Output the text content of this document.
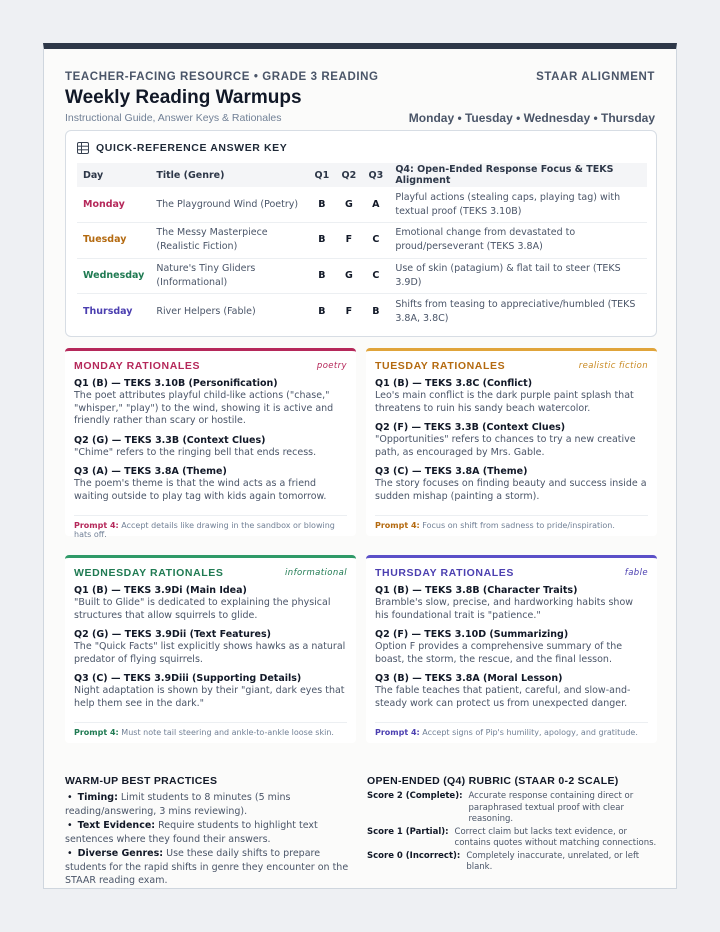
TEACHER-FACING RESOURCE • GRADE 3 READING	STAAR ALIGNMENT
Weekly Reading Warmups
Instructional Guide, Answer Keys & Rationales	Monday • Tuesday • Wednesday • Thursday
QUICK-REFERENCE ANSWER KEY
Day	Title (Genre)	Q1	Q2	Q3	Q4: Open-Ended Response Focus & TEKS Alignment
Monday	The Playground Wind (Poetry)	B	G	A	Playful actions (stealing caps, playing tag) with textual proof (TEKS 3.10B)
Tuesday	The Messy Masterpiece (Realistic Fiction)	B	F	C	Emotional change from devastated to proud/perseverant (TEKS 3.8A)
Wednesday	Nature's Tiny Gliders (Informational)	B	G	C	Use of skin (patagium) & flat tail to steer (TEKS 3.9D)
Thursday	River Helpers (Fable)	B	F	B	Shifts from teasing to appreciative/humbled (TEKS 3.8A, 3.8C)
MONDAY RATIONALES	poetry
Q1 (B) — TEKS 3.10B (Personification)
The poet attributes playful child-like actions ("chase," "whisper," "play") to the wind, showing it is active and friendly rather than scary or hostile.
Q2 (G) — TEKS 3.3B (Context Clues)
"Chime" refers to the ringing bell that ends recess.
Q3 (A) — TEKS 3.8A (Theme)
The poem's theme is that the wind acts as a friend waiting outside to play tag with kids again tomorrow.
Prompt 4: Accept details like drawing in the sandbox or blowing hats off.
TUESDAY RATIONALES	realistic fiction
Q1 (B) — TEKS 3.8C (Conflict)
Leo's main conflict is the dark purple paint splash that threatens to ruin his sandy beach watercolor.
Q2 (F) — TEKS 3.3B (Context Clues)
"Opportunities" refers to chances to try a new creative path, as encouraged by Mrs. Gable.
Q3 (C) — TEKS 3.8A (Theme)
The story focuses on finding beauty and success inside a sudden mishap (painting a storm).
Prompt 4: Focus on shift from sadness to pride/inspiration.
WEDNESDAY RATIONALES	informational
Q1 (B) — TEKS 3.9Di (Main Idea)
"Built to Glide" is dedicated to explaining the physical structures that allow squirrels to glide.
Q2 (G) — TEKS 3.9Dii (Text Features)
The "Quick Facts" list explicitly shows hawks as a natural predator of flying squirrels.
Q3 (C) — TEKS 3.9Diii (Supporting Details)
Night adaptation is shown by their "giant, dark eyes that help them see in the dark."
Prompt 4: Must note tail steering and ankle-to-ankle loose skin.
THURSDAY RATIONALES	fable
Q1 (B) — TEKS 3.8B (Character Traits)
Bramble's slow, precise, and hardworking habits show his foundational trait is "patience."
Q2 (F) — TEKS 3.10D (Summarizing)
Option F provides a comprehensive summary of the boast, the storm, the rescue, and the final lesson.
Q3 (B) — TEKS 3.8A (Moral Lesson)
The fable teaches that patient, careful, and slow-and-steady work can protect us from unexpected danger.
Prompt 4: Accept signs of Pip's humility, apology, and gratitude.
WARM-UP BEST PRACTICES
• Timing: Limit students to 8 minutes (5 mins reading/answering, 3 mins reviewing).
• Text Evidence: Require students to highlight text sentences where they found their answers.
• Diverse Genres: Use these daily shifts to prepare students for the rapid shifts in genre they encounter on the STAAR reading exam.
OPEN-ENDED (Q4) RUBRIC (STAAR 0-2 SCALE)
Score 2 (Complete): Accurate response containing direct or paraphrased textual proof with clear reasoning.
Score 1 (Partial): Correct claim but lacks text evidence, or contains quotes without matching connections.
Score 0 (Incorrect): Completely inaccurate, unrelated, or left blank.
